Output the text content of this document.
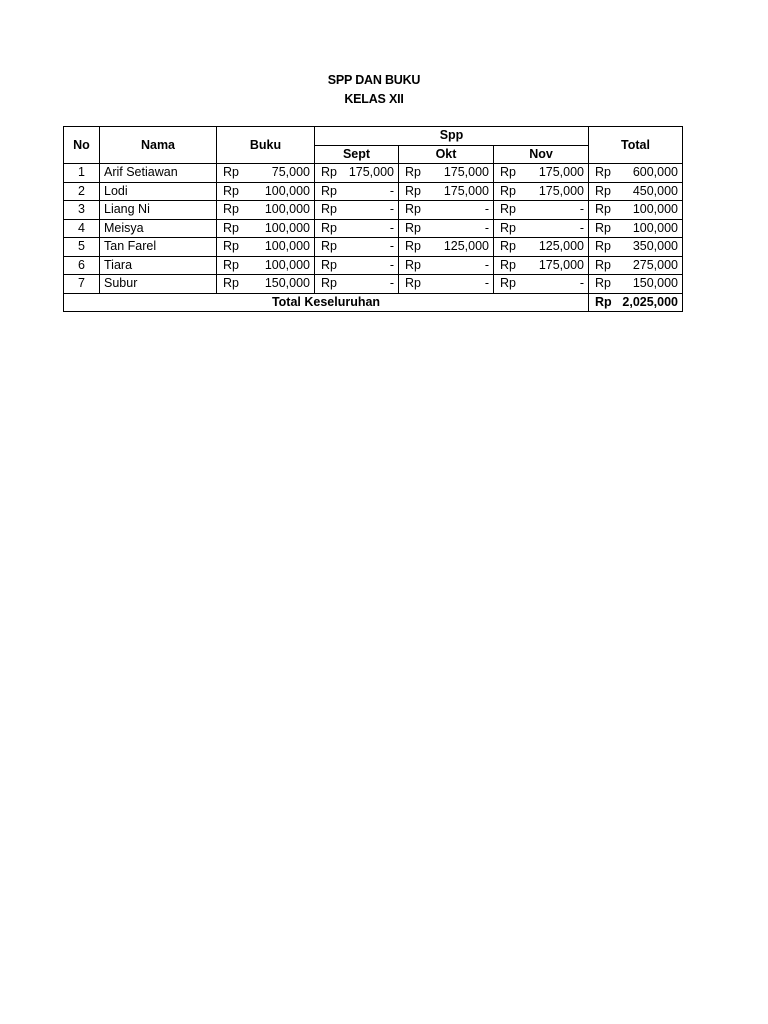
SPP DAN BUKU
KELAS XII
No	Nama	Buku		Spp						Total	
				Sept		Okt		Nov			
1	Arif Setiawan	Rp	75,000	Rp	175,000	Rp	175,000	Rp	175,000	Rp	600,000
2	Lodi	Rp	100,000	Rp	-	Rp	175,000	Rp	175,000	Rp	450,000
3	Liang Ni	Rp	100,000	Rp	-	Rp	-	Rp	-	Rp	100,000
4	Meisya	Rp	100,000	Rp	-	Rp	-	Rp	-	Rp	100,000
5	Tan Farel	Rp	100,000	Rp	-	Rp	125,000	Rp	125,000	Rp	350,000
6	Tiara	Rp	100,000	Rp	-	Rp	-	Rp	175,000	Rp	275,000
7	Subur	Rp	150,000	Rp	-	Rp	-	Rp	-	Rp	150,000
Total Keseluruhan										Rp	2,025,000
